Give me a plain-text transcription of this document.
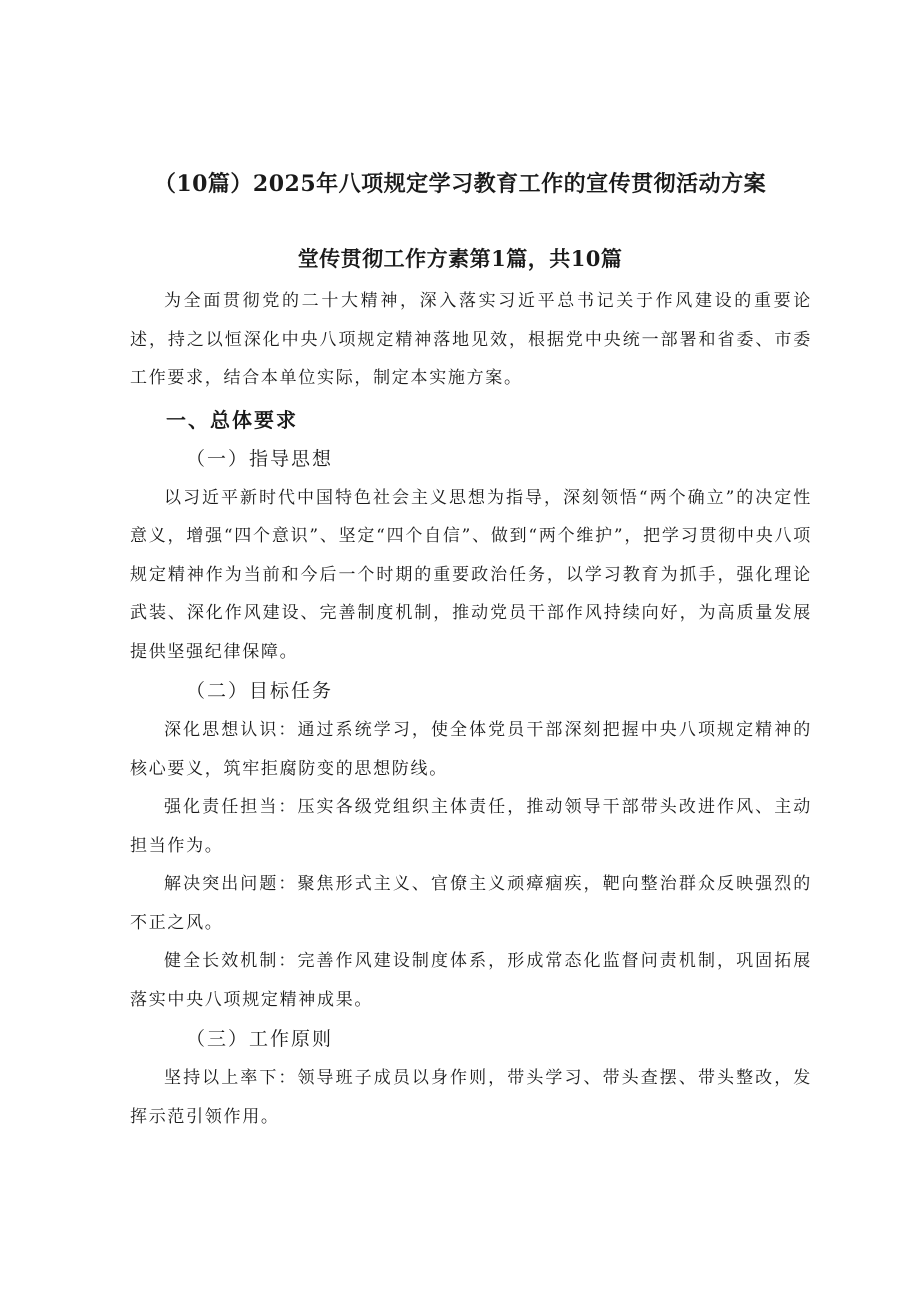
（10篇）2025年八项规定学习教育工作的宣传贯彻活动方案
堂传贯彻工作方素第1篇，共10篇

为全面贯彻党的二十大精神，深入落实习近平总书记关于作风建设的重要论述，持之以恒深化中央八项规定精神落地见效，根据党中央统一部署和省委、市委工作要求，结合本单位实际，制定本实施方案。

一、总体要求

（一）指导思想

以习近平新时代中国特色社会主义思想为指导，深刻领悟“两个确立”的决定性意义，增强“四个意识”、坚定“四个自信”、做到“两个维护”，把学习贯彻中央八项规定精神作为当前和今后一个时期的重要政治任务，以学习教育为抓手，强化理论武装、深化作风建设、完善制度机制，推动党员干部作风持续向好，为高质量发展提供坚强纪律保障。

（二）目标任务

深化思想认识：通过系统学习，使全体党员干部深刻把握中央八项规定精神的核心要义，筑牢拒腐防变的思想防线。

强化责任担当：压实各级党组织主体责任，推动领导干部带头改进作风、主动担当作为。

解决突出问题：聚焦形式主义、官僚主义顽瘴痼疾，靶向整治群众反映强烈的不正之风。

健全长效机制：完善作风建设制度体系，形成常态化监督问责机制，巩固拓展落实中央八项规定精神成果。

（三）工作原则

坚持以上率下：领导班子成员以身作则，带头学习、带头查摆、带头整改，发挥示范引领作用。
